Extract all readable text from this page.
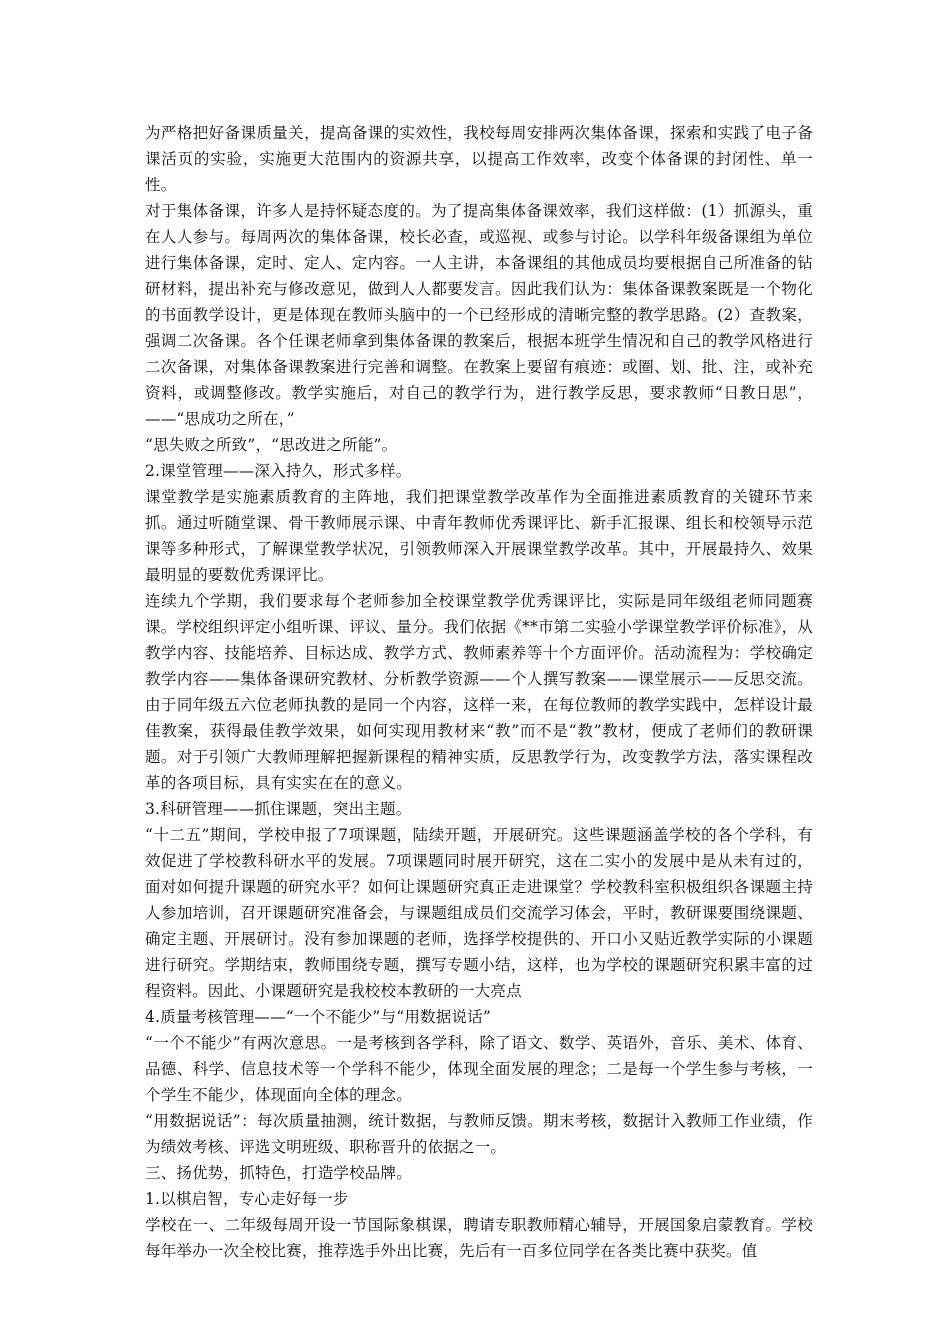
为严格把好备课质量关，提高备课的实效性，我校每周安排两次集体备课，探索和实践了电子备课活页的实验，实施更大范围内的资源共享，以提高工作效率，改变个体备课的封闭性、单一性。

对于集体备课，许多人是持怀疑态度的。为了提高集体备课效率，我们这样做：(1）抓源头，重在人人参与。每周两次的集体备课，校长必查，或巡视、或参与讨论。以学科年级备课组为单位进行集体备课，定时、定人、定内容。一人主讲，本备课组的其他成员均要根据自己所准备的钻研材料，提出补充与修改意见，做到人人都要发言。因此我们认为：集体备课教案既是一个物化的书面教学设计，更是体现在教师头脑中的一个已经形成的清晰完整的教学思路。(2）查教案，强调二次备课。各个任课老师拿到集体备课的教案后，根据本班学生情况和自己的教学风格进行二次备课，对集体备课教案进行完善和调整。在教案上要留有痕迹：或圈、划、批、注，或补充资料，或调整修改。教学实施后，对自己的教学行为，进行教学反思，要求教师“日教日思”，——“思成功之所在，”

“思失败之所致”，“思改进之所能”。

2.课堂管理——深入持久，形式多样。

课堂教学是实施素质教育的主阵地，我们把课堂教学改革作为全面推进素质教育的关键环节来抓。通过听随堂课、骨干教师展示课、中青年教师优秀课评比、新手汇报课、组长和校领导示范课等多种形式，了解课堂教学状况，引领教师深入开展课堂教学改革。其中，开展最持久、效果最明显的要数优秀课评比。

连续九个学期，我们要求每个老师参加全校课堂教学优秀课评比，实际是同年级组老师同题赛课。学校组织评定小组听课、评议、量分。我们依据《**市第二实验小学课堂教学评价标准》，从教学内容、技能培养、目标达成、教学方式、教师素养等十个方面评价。活动流程为：学校确定教学内容——集体备课研究教材、分析教学资源——个人撰写教案——课堂展示——反思交流。由于同年级五六位老师执教的是同一个内容，这样一来，在每位教师的教学实践中，怎样设计最佳教案，获得最佳教学效果，如何实现用教材来“教”而不是“教”教材，便成了老师们的教研课题。对于引领广大教师理解把握新课程的精神实质，反思教学行为，改变教学方法，落实课程改革的各项目标，具有实实在在的意义。

3.科研管理——抓住课题，突出主题。

“十二五”期间，学校申报了7项课题，陆续开题，开展研究。这些课题涵盖学校的各个学科，有效促进了学校教科研水平的发展。7项课题同时展开研究，这在二实小的发展中是从未有过的，面对如何提升课题的研究水平？如何让课题研究真正走进课堂？学校教科室积极组织各课题主持人参加培训，召开课题研究准备会，与课题组成员们交流学习体会，平时，教研课要围绕课题、确定主题、开展研讨。没有参加课题的老师，选择学校提供的、开口小又贴近教学实际的小课题进行研究。学期结束，教师围绕专题，撰写专题小结，这样，也为学校的课题研究积累丰富的过程资料。因此、小课题研究是我校校本教研的一大亮点

4.质量考核管理——“一个不能少”与“用数据说话”

“一个不能少”有两次意思。一是考核到各学科，除了语文、数学、英语外，音乐、美术、体育、品德、科学、信息技术等一个学科不能少，体现全面发展的理念；二是每一个学生参与考核，一个学生不能少，体现面向全体的理念。

“用数据说话”：每次质量抽测，统计数据，与教师反馈。期末考核，数据计入教师工作业绩，作为绩效考核、评选文明班级、职称晋升的依据之一。

三、扬优势，抓特色，打造学校品牌。

1.以棋启智，专心走好每一步

学校在一、二年级每周开设一节国际象棋课，聘请专职教师精心辅导，开展国象启蒙教育。学校每年举办一次全校比赛，推荐选手外出比赛，先后有一百多位同学在各类比赛中获奖。值
